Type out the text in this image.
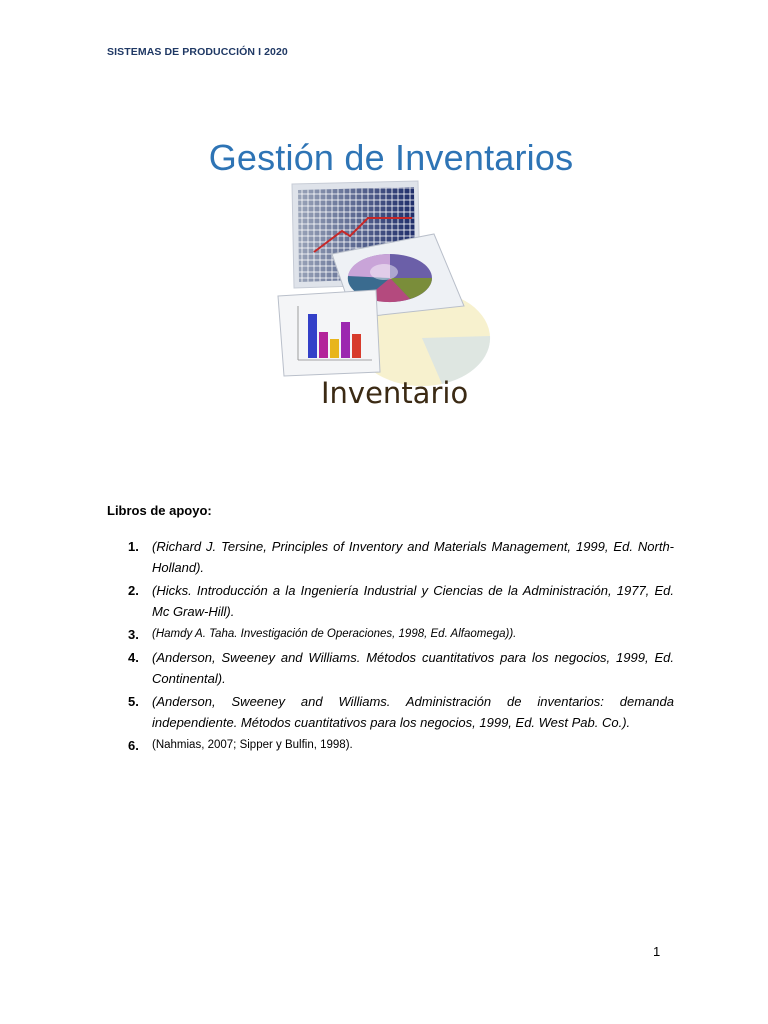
SISTEMAS DE PRODUCCIÓN I 2020
Gestión de Inventarios
Inventario
Libros de apoyo:
1. (Richard J. Tersine, Principles of Inventory and Materials Management, 1999, Ed. North-Holland).
2. (Hicks. Introducción a la Ingeniería Industrial y Ciencias de la Administración, 1977, Ed. Mc Graw-Hill).
3. (Hamdy A. Taha. Investigación de Operaciones, 1998, Ed. Alfaomega)).
4. (Anderson, Sweeney and Williams. Métodos cuantitativos para los negocios, 1999, Ed. Continental).
5. (Anderson, Sweeney and Williams. Administración de inventarios: demanda independiente. Métodos cuantitativos para los negocios, 1999, Ed. West Pab. Co.).
6. (Nahmias, 2007; Sipper y Bulfin, 1998).
1
